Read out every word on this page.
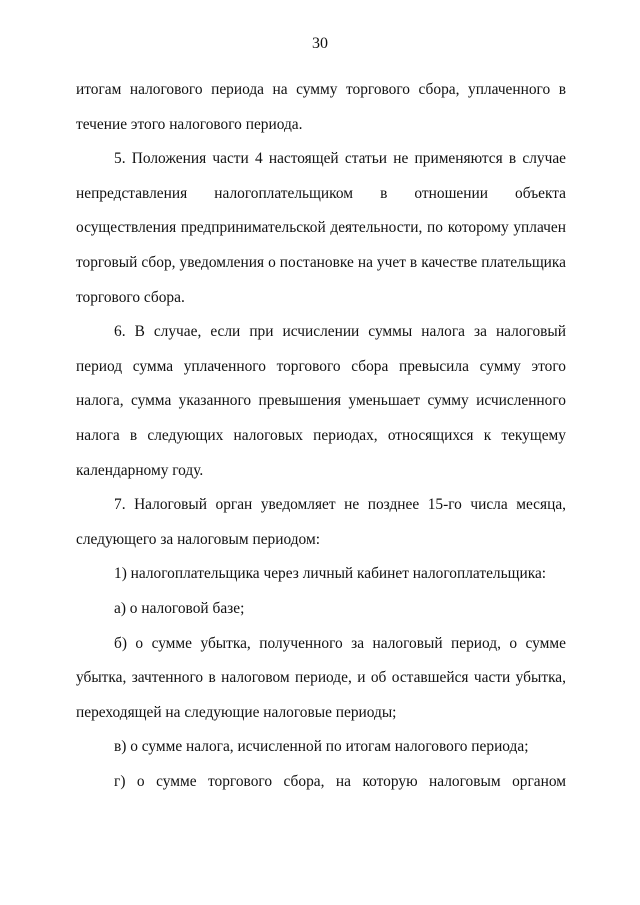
30

итогам налогового периода на сумму торгового сбора, уплаченного в течение этого налогового периода.

5. Положения части 4 настоящей статьи не применяются в случае непредставления налогоплательщиком в отношении объекта осуществления предпринимательской деятельности, по которому уплачен торговый сбор, уведомления о постановке на учет в качестве плательщика торгового сбора.

6. В случае, если при исчислении суммы налога за налоговый период сумма уплаченного торгового сбора превысила сумму этого налога, сумма указанного превышения уменьшает сумму исчисленного налога в следующих налоговых периодах, относящихся к текущему календарному году.

7. Налоговый орган уведомляет не позднее 15-го числа месяца, следующего за налоговым периодом:

1) налогоплательщика через личный кабинет налогоплательщика:

а) о налоговой базе;

б) о сумме убытка, полученного за налоговый период, о сумме убытка, зачтенного в налоговом периоде, и об оставшейся части убытка, переходящей на следующие налоговые периоды;

в) о сумме налога, исчисленной по итогам налогового периода;

г) о сумме торгового сбора, на которую налоговым органом
